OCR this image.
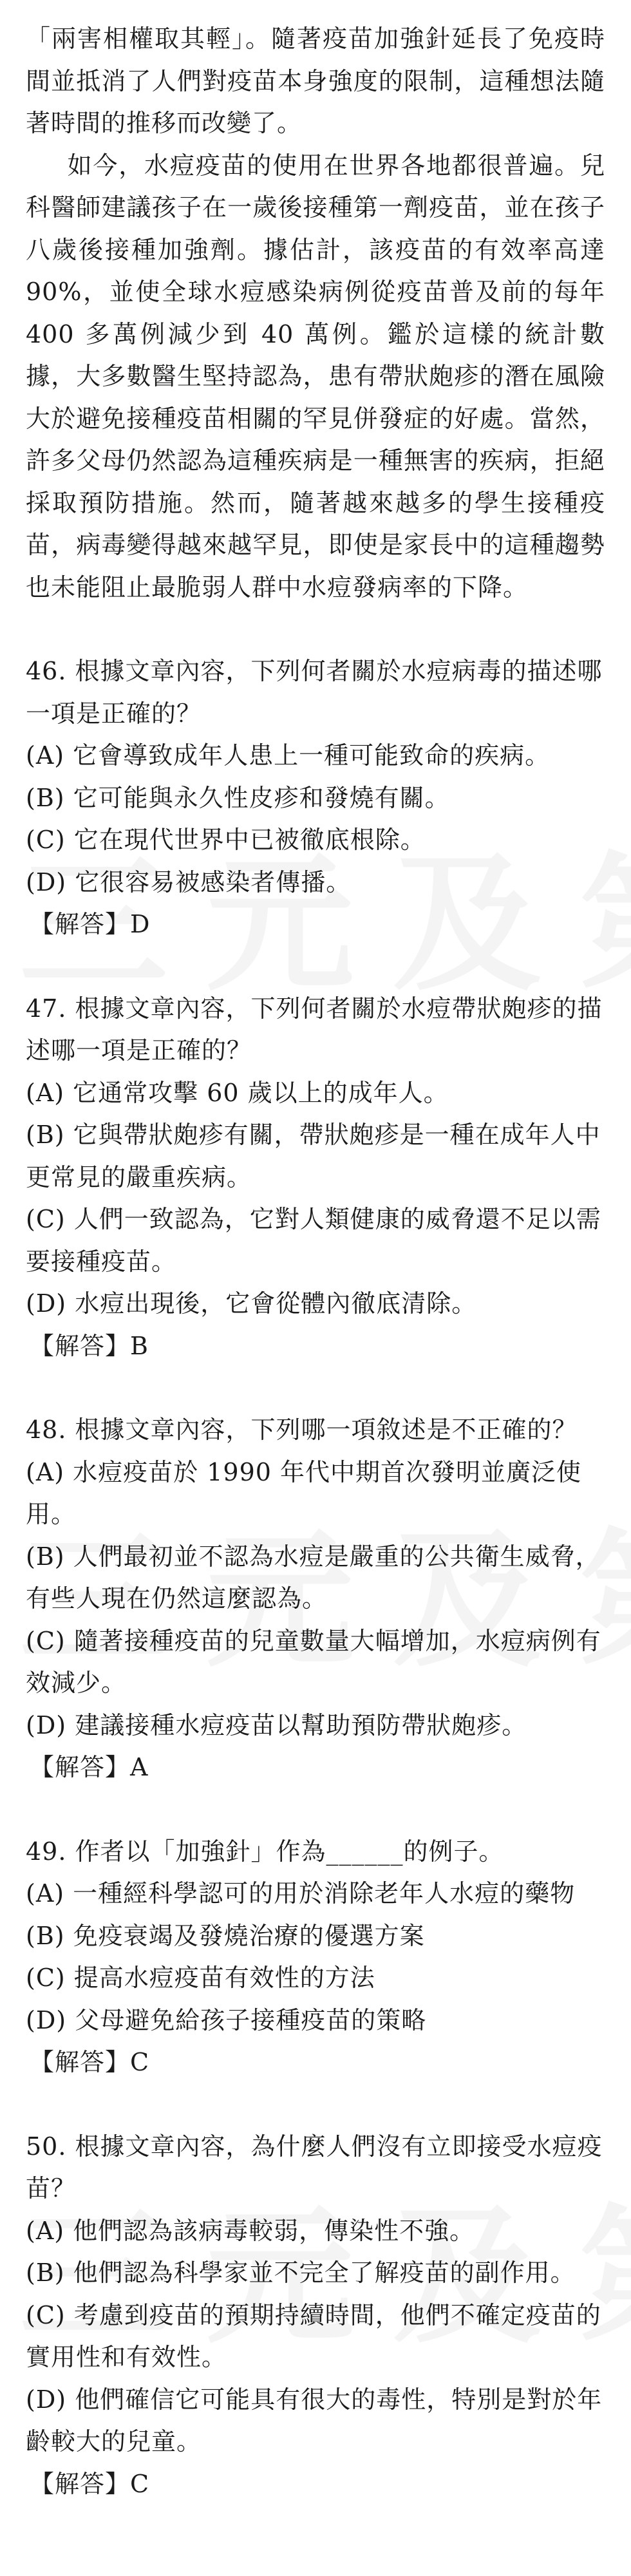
「兩害相權取其輕」。隨著疫苗加強針延長了免疫時間並抵消了人們對疫苗本身強度的限制，這種想法隨著時間的推移而改變了。

如今，水痘疫苗的使用在世界各地都很普遍。兒科醫師建議孩子在一歲後接種第一劑疫苗，並在孩子八歲後接種加強劑。據估計，該疫苗的有效率高達 90%，並使全球水痘感染病例從疫苗普及前的每年 400 多萬例減少到 40 萬例。鑑於這樣的統計數據，大多數醫生堅持認為，患有帶狀皰疹的潛在風險大於避免接種疫苗相關的罕見併發症的好處。當然，許多父母仍然認為這種疾病是一種無害的疾病，拒絕採取預防措施。然而，隨著越來越多的學生接種疫苗，病毒變得越來越罕見，即使是家長中的這種趨勢也未能阻止最脆弱人群中水痘發病率的下降。

46. 根據文章內容，下列何者關於水痘病毒的描述哪一項是正確的？

(A) 它會導致成年人患上一種可能致命的疾病。

(B) 它可能與永久性皮疹和發燒有關。

(C) 它在現代世界中已被徹底根除。

(D) 它很容易被感染者傳播。

【解答】D

47. 根據文章內容，下列何者關於水痘帶狀皰疹的描述哪一項是正確的？

(A) 它通常攻擊 60 歲以上的成年人。

(B) 它與帶狀皰疹有關，帶狀皰疹是一種在成年人中更常見的嚴重疾病。

(C) 人們一致認為，它對人類健康的威脅還不足以需要接種疫苗。

(D) 水痘出現後，它會從體內徹底清除。

【解答】B

48. 根據文章內容，下列哪一項敘述是不正確的？

(A) 水痘疫苗於 1990 年代中期首次發明並廣泛使用。

(B) 人們最初並不認為水痘是嚴重的公共衛生威脅，有些人現在仍然這麼認為。

(C) 隨著接種疫苗的兒童數量大幅增加，水痘病例有效減少。

(D) 建議接種水痘疫苗以幫助預防帶狀皰疹。

【解答】A

49. 作者以「加強針」作為______的例子。

(A) 一種經科學認可的用於消除老年人水痘的藥物

(B) 免疫衰竭及發燒治療的優選方案

(C) 提高水痘疫苗有效性的方法

(D) 父母避免給孩子接種疫苗的策略

【解答】C

50. 根據文章內容，為什麼人們沒有立即接受水痘疫苗？

(A) 他們認為該病毒較弱，傳染性不強。

(B) 他們認為科學家並不完全了解疫苗的副作用。

(C) 考慮到疫苗的預期持續時間，他們不確定疫苗的實用性和有效性。

(D) 他們確信它可能具有很大的毒性，特別是對於年齡較大的兒童。

【解答】C
